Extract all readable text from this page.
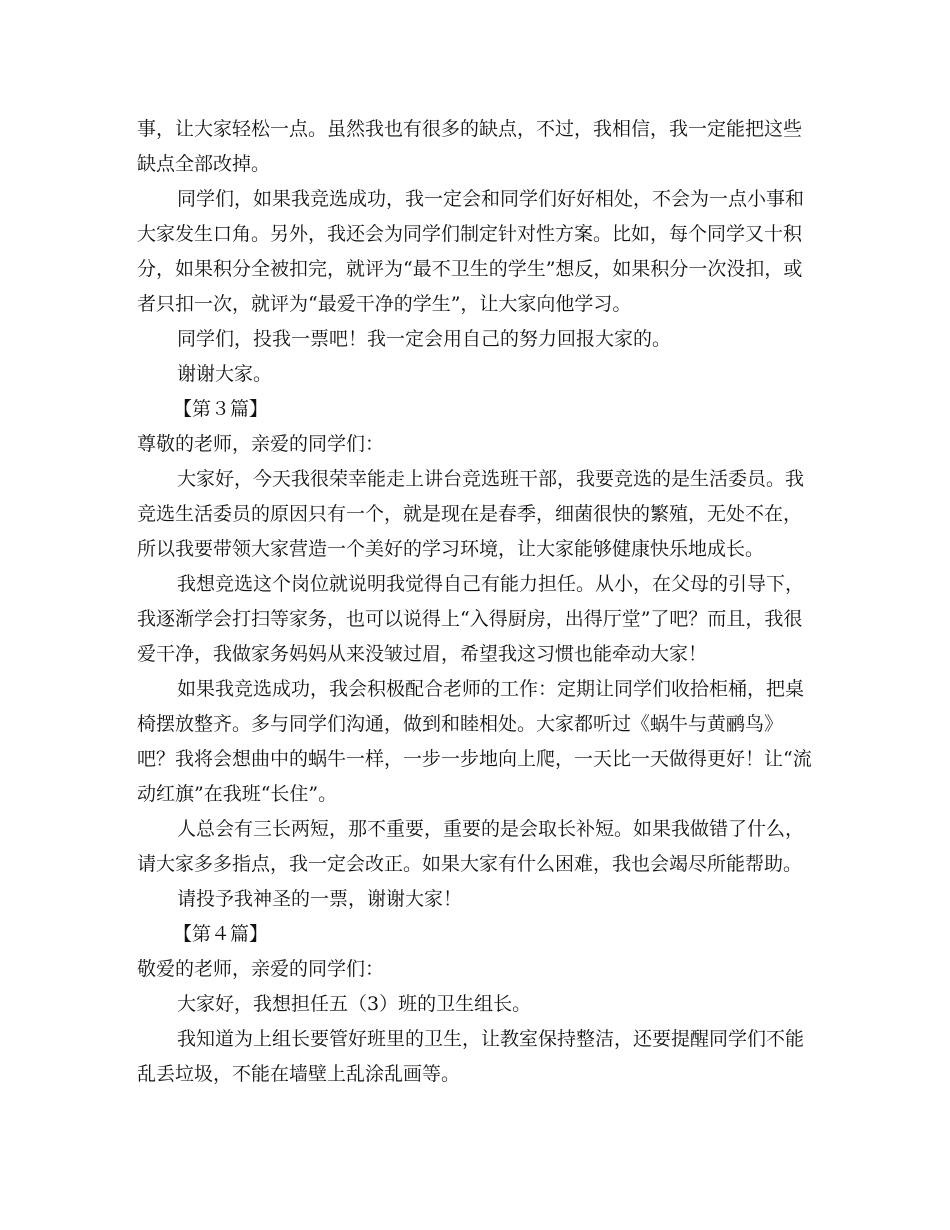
事，让大家轻松一点。虽然我也有很多的缺点，不过，我相信，我一定能把这些缺点全部改掉。

同学们，如果我竞选成功，我一定会和同学们好好相处，不会为一点小事和大家发生口角。另外，我还会为同学们制定针对性方案。比如，每个同学又十积分，如果积分全被扣完，就评为“最不卫生的学生”想反，如果积分一次没扣，或者只扣一次，就评为“最爱干净的学生”，让大家向他学习。

同学们，投我一票吧！我一定会用自己的努力回报大家的。

谢谢大家。

【第３篇】

尊敬的老师，亲爱的同学们：

大家好，今天我很荣幸能走上讲台竞选班干部，我要竞选的是生活委员。我竞选生活委员的原因只有一个，就是现在是春季，细菌很快的繁殖，无处不在，所以我要带领大家营造一个美好的学习环境，让大家能够健康快乐地成长。

我想竞选这个岗位就说明我觉得自己有能力担任。从小，在父母的引导下，我逐渐学会打扫等家务，也可以说得上“入得厨房，出得厅堂”了吧？而且，我很爱干净，我做家务妈妈从来没皱过眉，希望我这习惯也能牵动大家！

如果我竞选成功，我会积极配合老师的工作：定期让同学们收拾柜桶，把桌椅摆放整齐。多与同学们沟通，做到和睦相处。大家都听过《蜗牛与黄鹂鸟》吧？我将会想曲中的蜗牛一样，一步一步地向上爬，一天比一天做得更好！让“流动红旗”在我班“长住”。

人总会有三长两短，那不重要，重要的是会取长补短。如果我做错了什么，请大家多多指点，我一定会改正。如果大家有什么困难，我也会竭尽所能帮助。

请投予我神圣的一票，谢谢大家！

【第４篇】

敬爱的老师，亲爱的同学们：

大家好，我想担任五（3）班的卫生组长。

我知道为上组长要管好班里的卫生，让教室保持整洁，还要提醒同学们不能乱丢垃圾，不能在墙壁上乱涂乱画等。
